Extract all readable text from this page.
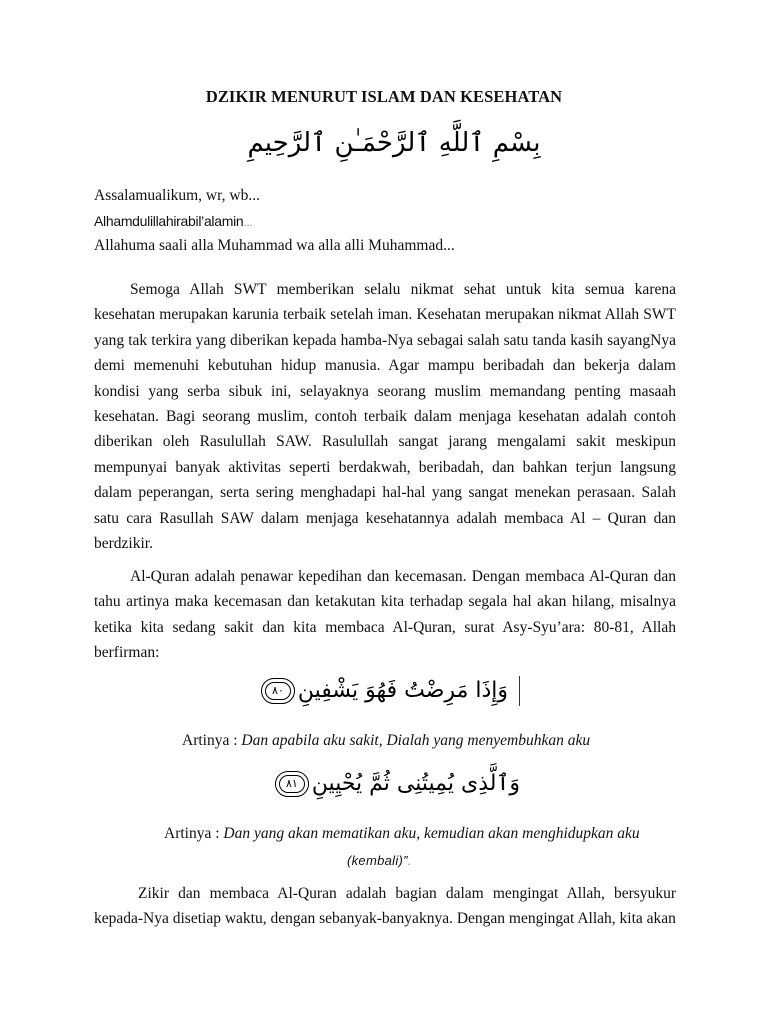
DZIKIR MENURUT ISLAM DAN KESEHATAN
بِسْمِ ٱللَّهِ ٱلرَّحْمَـٰنِ ٱلرَّحِيمِ
Assalamualikum, wr, wb...
Alhamdulillahirabil’alamin...
Allahuma saali alla Muhammad wa alla alli Muhammad...

Semoga Allah SWT memberikan selalu nikmat sehat untuk kita semua karena kesehatan merupakan karunia terbaik setelah iman. Kesehatan merupakan nikmat Allah SWT yang tak terkira yang diberikan kepada hamba-Nya sebagai salah satu tanda kasih sayangNya demi memenuhi kebutuhan hidup manusia. Agar mampu beribadah dan bekerja dalam kondisi yang serba sibuk ini, selayaknya seorang muslim memandang penting masaah kesehatan. Bagi seorang muslim, contoh terbaik dalam menjaga kesehatan adalah contoh diberikan oleh Rasulullah SAW. Rasulullah sangat jarang mengalami sakit meskipun mempunyai banyak aktivitas seperti berdakwah, beribadah, dan bahkan terjun langsung dalam peperangan, serta sering menghadapi hal-hal yang sangat menekan perasaan. Salah satu cara Rasullah SAW dalam menjaga kesehatannya adalah membaca Al – Quran dan berdzikir.

Al-Quran adalah penawar kepedihan dan kecemasan. Dengan membaca Al-Quran dan tahu artinya maka kecemasan dan ketakutan kita terhadap segala hal akan hilang, misalnya ketika kita sedang sakit dan kita membaca Al-Quran, surat Asy-Syu’ara: 80-81, Allah berfirman:

وَإِذَا مَرِضْتُ فَهُوَ يَشْفِينِ ٨٠
Artinya : Dan apabila aku sakit, Dialah yang menyembuhkan aku
وَٱلَّذِى يُمِيتُنِى ثُمَّ يُحْيِينِ ٨١
Artinya : Dan yang akan mematikan aku, kemudian akan menghidupkan aku
(kembali)”.

Zikir dan membaca Al-Quran adalah bagian dalam mengingat Allah, bersyukur kepada-Nya disetiap waktu, dengan sebanyak-banyaknya. Dengan mengingat Allah, kita akan
